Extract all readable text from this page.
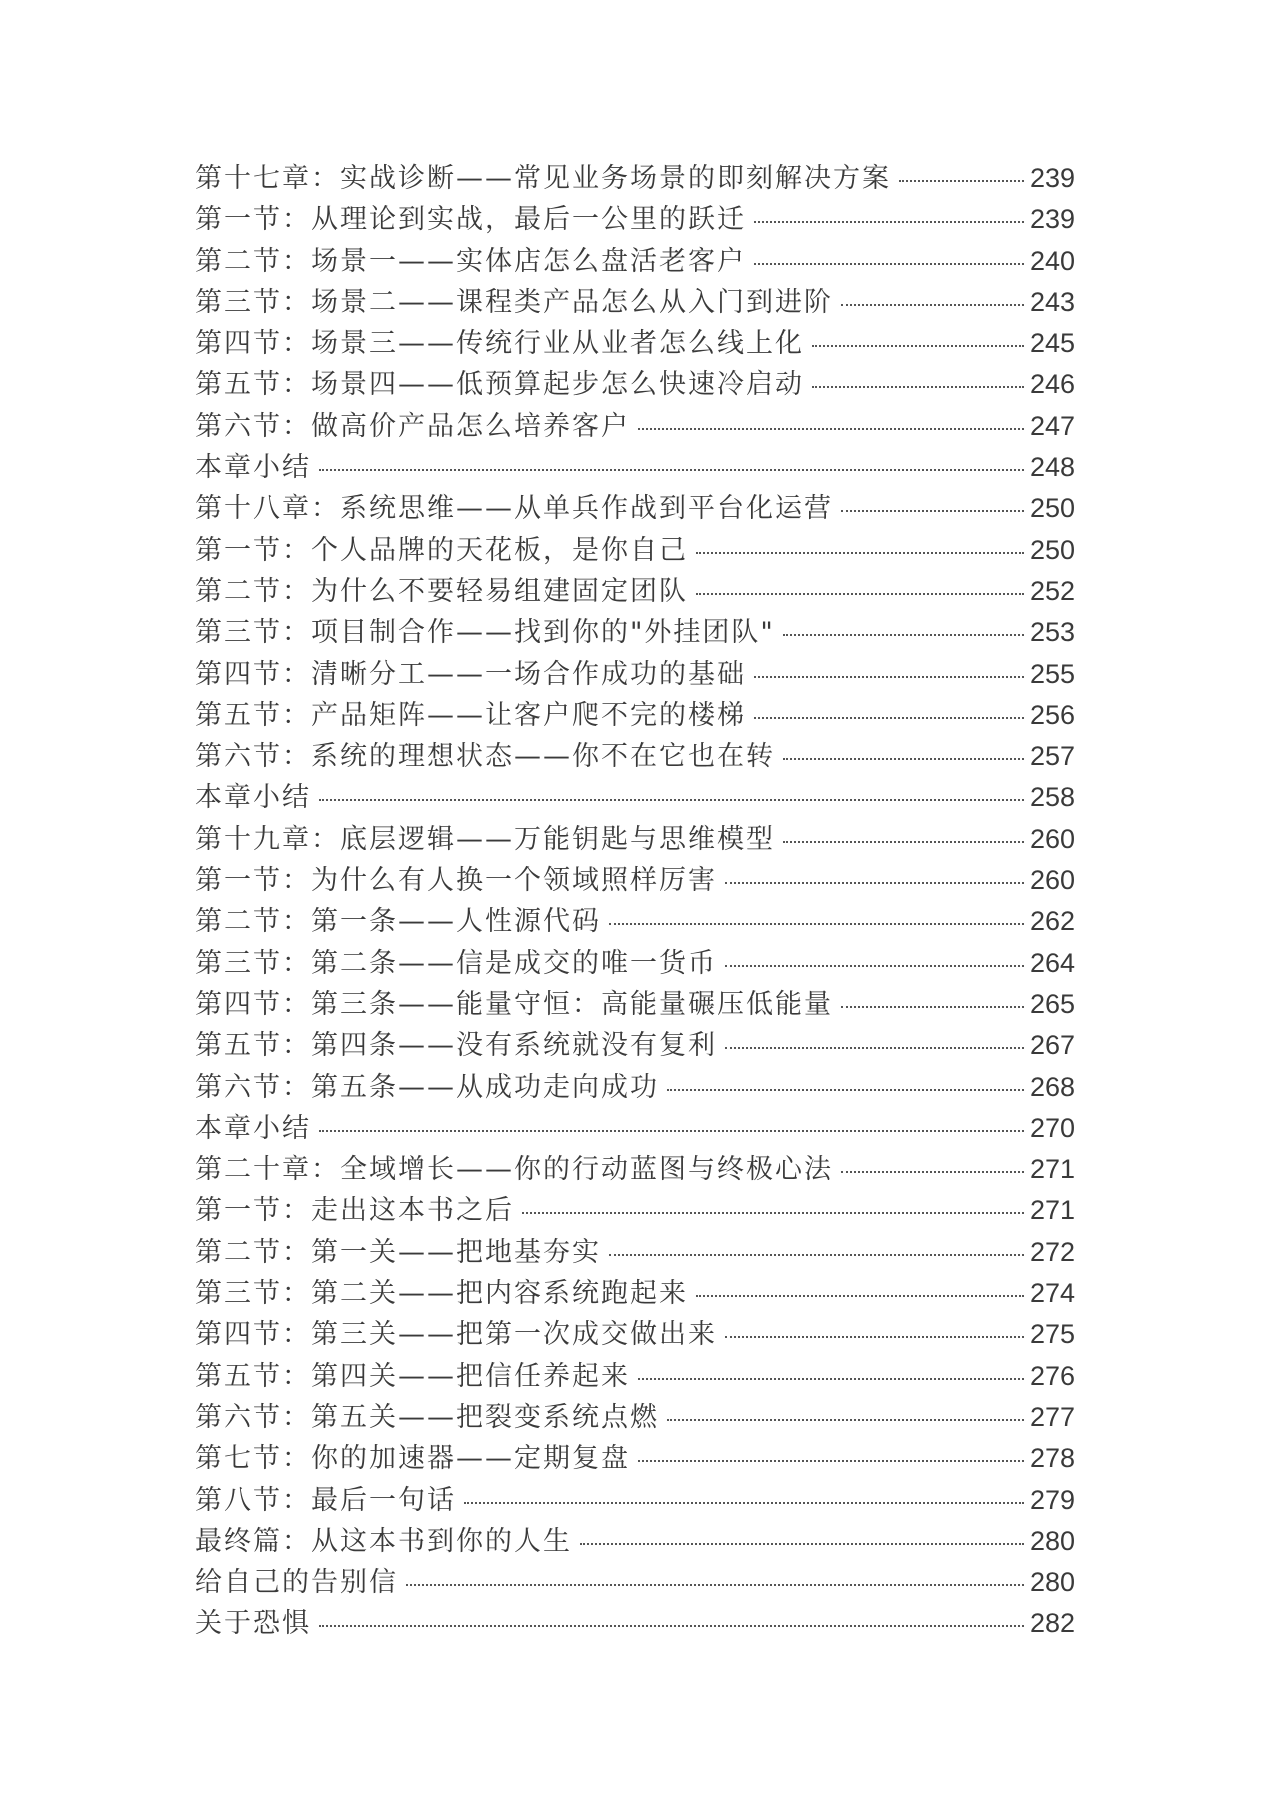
第十七章：实战诊断——常见业务场景的即刻解决方案	239
第一节：从理论到实战，最后一公里的跃迁	239
第二节：场景一——实体店怎么盘活老客户	240
第三节：场景二——课程类产品怎么从入门到进阶	243
第四节：场景三——传统行业从业者怎么线上化	245
第五节：场景四——低预算起步怎么快速冷启动	246
第六节：做高价产品怎么培养客户	247
本章小结	248
第十八章：系统思维——从单兵作战到平台化运营	250
第一节：个人品牌的天花板，是你自己	250
第二节：为什么不要轻易组建固定团队	252
第三节：项目制合作——找到你的"外挂团队"	253
第四节：清晰分工——一场合作成功的基础	255
第五节：产品矩阵——让客户爬不完的楼梯	256
第六节：系统的理想状态——你不在它也在转	257
本章小结	258
第十九章：底层逻辑——万能钥匙与思维模型	260
第一节：为什么有人换一个领域照样厉害	260
第二节：第一条——人性源代码	262
第三节：第二条——信是成交的唯一货币	264
第四节：第三条——能量守恒：高能量碾压低能量	265
第五节：第四条——没有系统就没有复利	267
第六节：第五条——从成功走向成功	268
本章小结	270
第二十章：全域增长——你的行动蓝图与终极心法	271
第一节：走出这本书之后	271
第二节：第一关——把地基夯实	272
第三节：第二关——把内容系统跑起来	274
第四节：第三关——把第一次成交做出来	275
第五节：第四关——把信任养起来	276
第六节：第五关——把裂变系统点燃	277
第七节：你的加速器——定期复盘	278
第八节：最后一句话	279
最终篇：从这本书到你的人生	280
给自己的告别信	280
关于恐惧	282
